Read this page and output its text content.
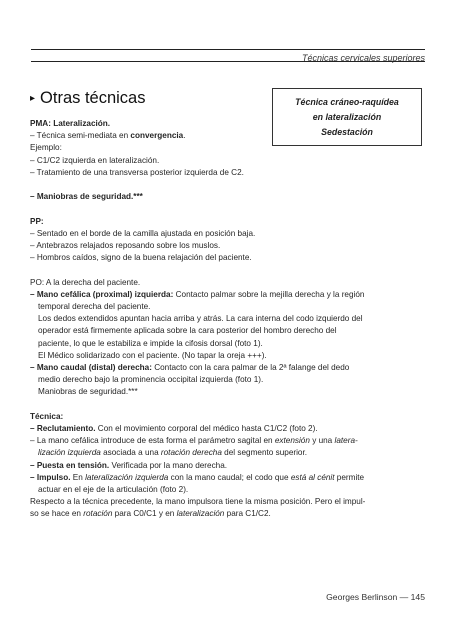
Técnicas cervicales superiores
▸ Otras técnicas	Técnica cráneo-raquídea
en lateralización
Sedestación

PMA: Lateralización.

– Técnica semi-mediata en convergencia.

Ejemplo:

– C1/C2 izquierda en lateralización.

– Tratamiento de una transversa posterior izquierda de C2.

– Maniobras de seguridad.***

PP:

– Sentado en el borde de la camilla ajustada en posición baja.

– Antebrazos relajados reposando sobre los muslos.

– Hombros caídos, signo de la buena relajación del paciente.

PO: A la derecha del paciente.

– Mano cefálica (proximal) izquierda: Contacto palmar sobre la mejilla derecha y la región

temporal derecha del paciente.

Los dedos extendidos apuntan hacia arriba y atrás. La cara interna del codo izquierdo del

operador está firmemente aplicada sobre la cara posterior del hombro derecho del

paciente, lo que le estabiliza e impide la cifosis dorsal (foto 1).

El Médico solidarizado con el paciente. (No tapar la oreja +++).

– Mano caudal (distal) derecha: Contacto con la cara palmar de la 2ª falange del dedo

medio derecho bajo la prominencia occipital izquierda (foto 1).

Maniobras de seguridad.***

Técnica:

– Reclutamiento. Con el movimiento corporal del médico hasta C1/C2 (foto 2).

– La mano cefálica introduce de esta forma el parámetro sagital en extensión y una latera-

lización izquierda asociada a una rotación derecha del segmento superior.

– Puesta en tensión. Verificada por la mano derecha.

– Impulso. En lateralización izquierda con la mano caudal; el codo que está al cénit permite

actuar en el eje de la articulación (foto 2).

Respecto a la técnica precedente, la mano impulsora tiene la misma posición. Pero el impul-

so se hace en rotación para C0/C1 y en lateralización para C1/C2.

Georges Berlinson — 145
